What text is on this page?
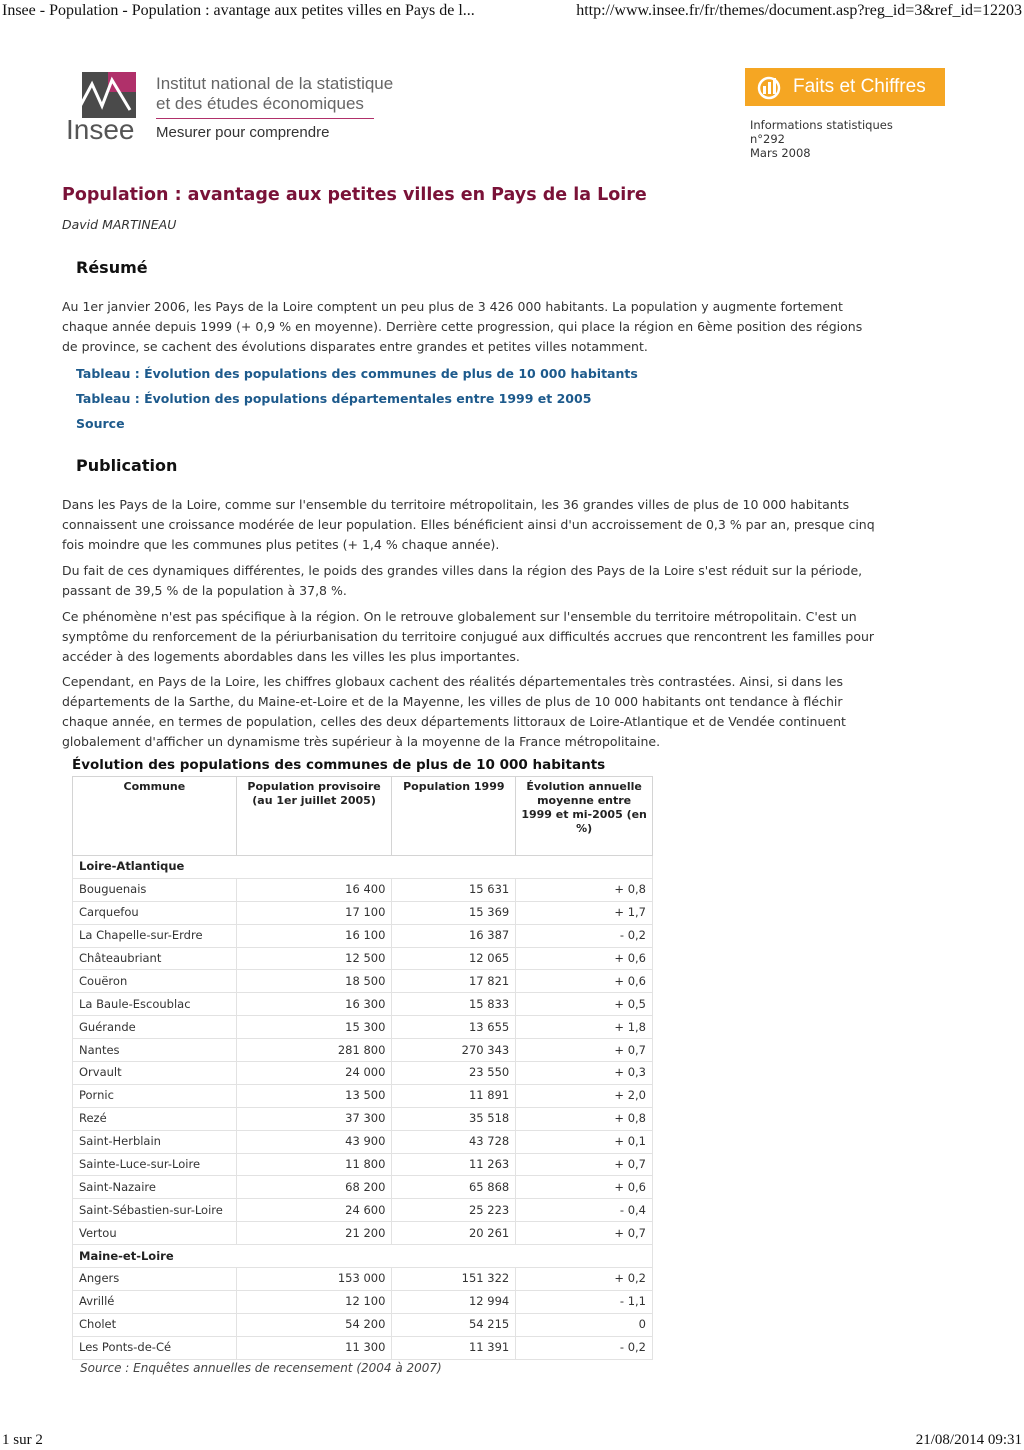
Insee - Population - Population : avantage aux petites villes en Pays de l...	http://www.insee.fr/fr/themes/document.asp?reg_id=3&ref_id=12203
Insee
Institut national de la statistique
et des études économiques
Mesurer pour comprendre
Faits et Chiffres
Informations statistiques
n°292
Mars 2008
Population : avantage aux petites villes en Pays de la Loire
David MARTINEAU
Résumé

Au 1er janvier 2006, les Pays de la Loire comptent un peu plus de 3 426 000 habitants. La population y augmente fortement chaque année depuis 1999 (+ 0,9 % en moyenne). Derrière cette progression, qui place la région en 6ème position des régions de province, se cachent des évolutions disparates entre grandes et petites villes notamment.

Tableau : Évolution des populations des communes de plus de 10 000 habitants
Tableau : Évolution des populations départementales entre 1999 et 2005
Source
Publication

Dans les Pays de la Loire, comme sur l'ensemble du territoire métropolitain, les 36 grandes villes de plus de 10 000 habitants connaissent une croissance modérée de leur population. Elles bénéficient ainsi d'un accroissement de 0,3 % par an, presque cinq fois moindre que les communes plus petites (+ 1,4 % chaque année).

Du fait de ces dynamiques différentes, le poids des grandes villes dans la région des Pays de la Loire s'est réduit sur la période, passant de 39,5 % de la population à 37,8 %.

Ce phénomène n'est pas spécifique à la région. On le retrouve globalement sur l'ensemble du territoire métropolitain. C'est un symptôme du renforcement de la périurbanisation du territoire conjugué aux difficultés accrues que rencontrent les familles pour accéder à des logements abordables dans les villes les plus importantes.

Cependant, en Pays de la Loire, les chiffres globaux cachent des réalités départementales très contrastées. Ainsi, si dans les départements de la Sarthe, du Maine-et-Loire et de la Mayenne, les villes de plus de 10 000 habitants ont tendance à fléchir chaque année, en termes de population, celles des deux départements littoraux de Loire-Atlantique et de Vendée continuent globalement d'afficher un dynamisme très supérieur à la moyenne de la France métropolitaine.

Évolution des populations des communes de plus de 10 000 habitants
Commune	Population provisoire (au 1er juillet 2005)	Population 1999	Évolution annuelle moyenne entre 1999 et mi-2005 (en %)
Loire-Atlantique			
Bouguenais	16 400	15 631	+ 0,8
Carquefou	17 100	15 369	+ 1,7
La Chapelle-sur-Erdre	16 100	16 387	- 0,2
Châteaubriant	12 500	12 065	+ 0,6
Couëron	18 500	17 821	+ 0,6
La Baule-Escoublac	16 300	15 833	+ 0,5
Guérande	15 300	13 655	+ 1,8
Nantes	281 800	270 343	+ 0,7
Orvault	24 000	23 550	+ 0,3
Pornic	13 500	11 891	+ 2,0
Rezé	37 300	35 518	+ 0,8
Saint-Herblain	43 900	43 728	+ 0,1
Sainte-Luce-sur-Loire	11 800	11 263	+ 0,7
Saint-Nazaire	68 200	65 868	+ 0,6
Saint-Sébastien-sur-Loire	24 600	25 223	- 0,4
Vertou	21 200	20 261	+ 0,7
Maine-et-Loire			
Angers	153 000	151 322	+ 0,2
Avrillé	12 100	12 994	- 1,1
Cholet	54 200	54 215	0
Les Ponts-de-Cé	11 300	11 391	- 0,2
Source : Enquêtes annuelles de recensement (2004 à 2007)
1 sur 2	21/08/2014 09:31
